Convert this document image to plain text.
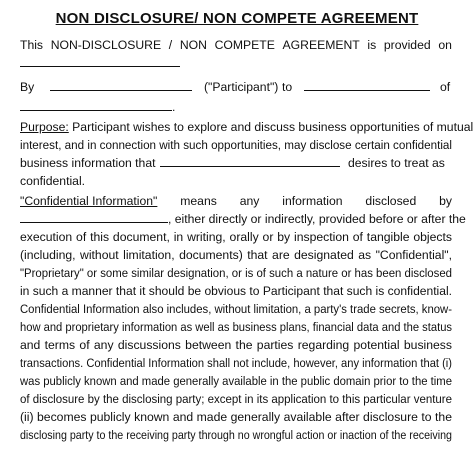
NON DISCLOSURE/ NON COMPETE AGREEMENT
This NON-DISCLOSURE / NON COMPETE AGREEMENT is provided on
By	("Participant") to	of
.
Purpose: Participant wishes to explore and discuss business opportunities of mutual
interest, and in connection with such opportunities, may disclose certain confidential
business information that	desires to treat as
confidential.
"Confidential Information" means any information disclosed by
, either directly or indirectly, provided before or after the
execution of this document, in writing, orally or by inspection of tangible objects
(including, without limitation, documents) that are designated as "Confidential",
"Proprietary" or some similar designation, or is of such a nature or has been disclosed
in such a manner that it should be obvious to Participant that such is confidential.
Confidential Information also includes, without limitation, a party's trade secrets, know-
how and proprietary information as well as business plans, financial data and the status
and terms of any discussions between the parties regarding potential business
transactions. Confidential Information shall not include, however, any information that (i)
was publicly known and made generally available in the public domain prior to the time
of disclosure by the disclosing party; except in its application to this particular venture
(ii) becomes publicly known and made generally available after disclosure to the
disclosing party to the receiving party through no wrongful action or inaction of the receiving
